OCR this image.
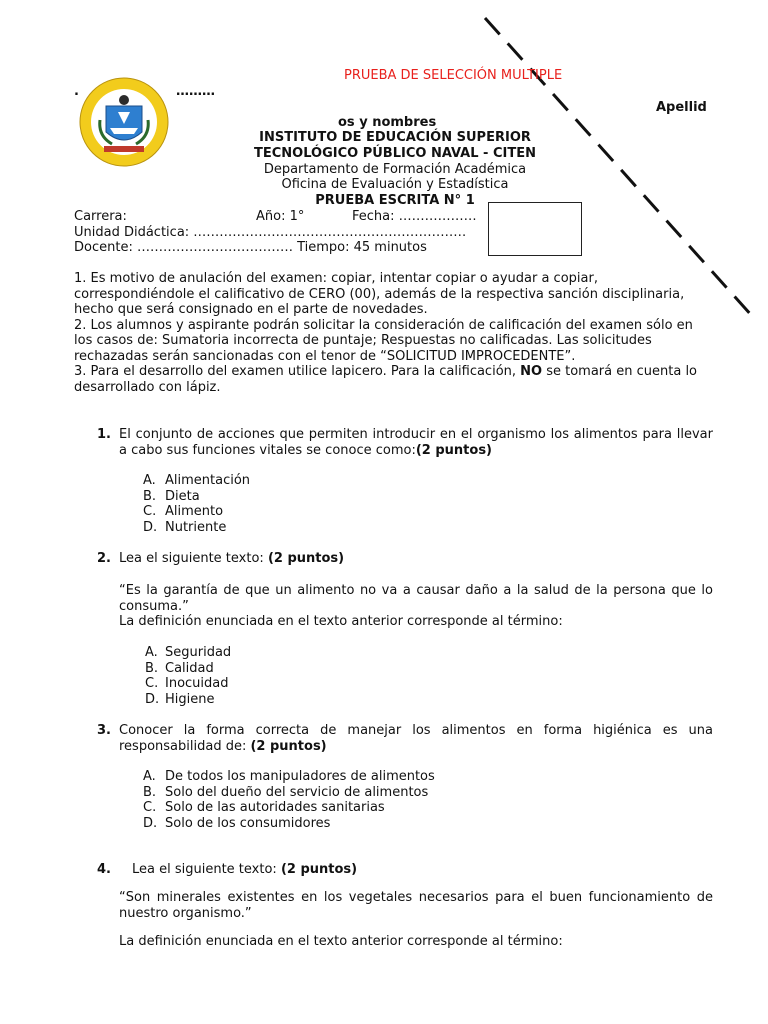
PRUEBA DE SELECCIÓN MULTIPLE
.	………
Apellid
os y nombres
INSTITUTO DE EDUCACIÓN SUPERIOR
TECNOLÓGICO PÚBLICO NAVAL - CITEN
Departamento de Formación Académica
Oficina de Evaluación y Estadística
PRUEBA ESCRITA N° 1
Carrera:	Año: 1°	Fecha: ………………
Unidad Didáctica: ………………………………………………………
Docente: ……………………………… Tiempo: 45 minutos
1. Es motivo de anulación del examen: copiar, intentar copiar o ayudar a copiar, correspondiéndole el calificativo de CERO (00), además de la respectiva sanción disciplinaria, hecho que será consignado en el parte de novedades.
2. Los alumnos y aspirante podrán solicitar la consideración de calificación del examen sólo en los casos de: Sumatoria incorrecta de puntaje; Respuestas no calificadas. Las solicitudes rechazadas serán sancionadas con el tenor de “SOLICITUD IMPROCEDENTE”.
3. Para el desarrollo del examen utilice lapicero. Para la calificación, NO se tomará en cuenta lo desarrollado con lápiz.
1. El conjunto de acciones que permiten introducir en el organismo los alimentos para llevar a cabo sus funciones vitales se conoce como:(2 puntos)
A. Alimentación
B. Dieta
C. Alimento
D. Nutriente
2. Lea el siguiente texto: (2 puntos)
“Es la garantía de que un alimento no va a causar daño a la salud de la persona que lo consuma.”
La definición enunciada en el texto anterior corresponde al término:
A. Seguridad
B. Calidad
C. Inocuidad
D. Higiene
3. Conocer la forma correcta de manejar los alimentos en forma higiénica es una responsabilidad de: (2 puntos)
A. De todos los manipuladores de alimentos
B. Solo del dueño del servicio de alimentos
C. Solo de las autoridades sanitarias
D. Solo de los consumidores
4. Lea el siguiente texto: (2 puntos)
“Son minerales existentes en los vegetales necesarios para el buen funcionamiento de nuestro organismo.”
La definición enunciada en el texto anterior corresponde al término:
